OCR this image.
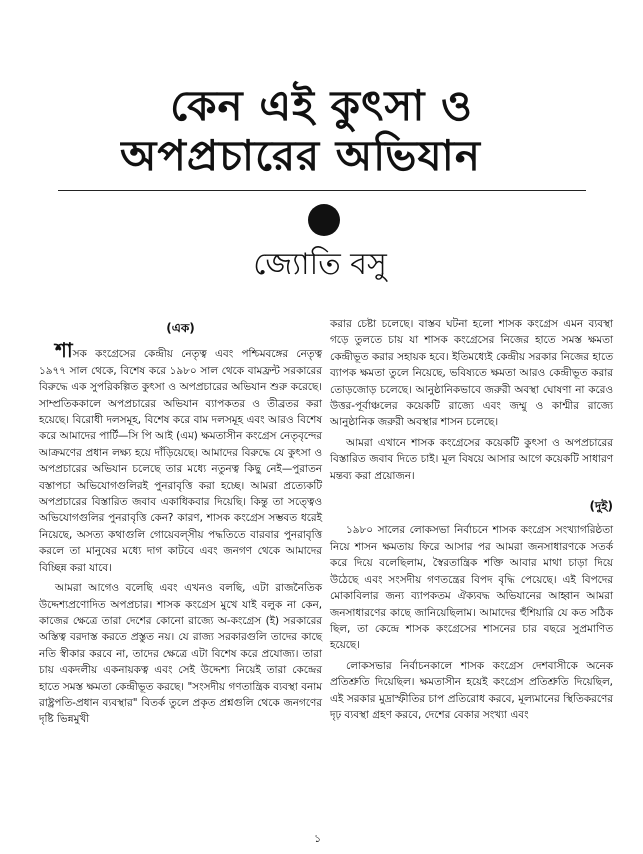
কেন এই কুৎসা ও
অপপ্রচারের অভিযান
জ্যোতি বসু
(এক)

শাসক কংগ্রেসের কেন্দ্রীয় নেতৃত্ব এবং পশ্চিমবঙ্গের নেতৃত্ব ১৯৭৭ সাল থেকে, বিশেষ করে ১৯৮০ সাল থেকে বামফ্রন্ট সরকারের বিরুদ্ধে এক সুপরিকল্পিত কুৎসা ও অপপ্রচারের অভিযান শুরু করেছে। সাম্প্রতিককালে অপপ্রচারের অভিযান ব্যাপকতর ও তীব্রতর করা হয়েছে। বিরোধী দলসমূহ, বিশেষ করে বাম দলসমূহ এবং আরও বিশেষ করে আমাদের পার্টি—সি পি আই (এম) ক্ষমতাসীন কংগ্রেস নেতৃবৃন্দের আক্রমণের প্রধান লক্ষ্য হয়ে দাঁড়িয়েছে। আমাদের বিরুদ্ধে যে কুৎসা ও অপপ্রচারের অভিযান চলেছে তার মধ্যে নতুনত্ব কিছু নেই—পুরাতন বস্তাপচা অভিযোগগুলিরই পুনরাবৃত্তি করা হচ্ছে। আমরা প্রত্যেকটি অপপ্রচারের বিস্তারিত জবাব একাধিকবার দিয়েছি। কিন্তু তা সত্ত্বেও অভিযোগগুলির পুনরাবৃত্তি কেন? কারণ, শাসক কংগ্রেস সম্ভবত ধরেই নিয়েছে, অসত্য কথাগুলি গোয়েবল্‌সীয় পদ্ধতিতে বারবার পুনরাবৃত্তি করলে তা মানুষের মধ্যে দাগ কাটবে এবং জনগণ থেকে আমাদের বিচ্ছিন্ন করা যাবে।

আমরা আগেও বলেছি এবং এখনও বলছি, এটা রাজনৈতিক উদ্দেশ্যপ্রণোদিত অপপ্রচার। শাসক কংগ্রেস মুখে যাই বলুক না কেন, কাজের ক্ষেত্রে তারা দেশের কোনো রাজ্যে অ-কংগ্রেস (ই) সরকারের অস্তিত্ব বরদাস্ত করতে প্রস্তুত নয়। যে রাজ্য সরকারগুলি তাদের কাছে নতি স্বীকার করবে না, তাদের ক্ষেত্রে এটা বিশেষ করে প্রযোজ্য। তারা চায় একদলীয় একনায়কত্ব এবং সেই উদ্দেশ্য নিয়েই তারা কেন্দ্রের হাতে সমস্ত ক্ষমতা কেন্দ্রীভূত করছে। "সংসদীয় গণতান্ত্রিক ব্যবস্থা বনাম রাষ্ট্রপতি-প্রধান ব্যবস্থার" বিতর্ক তুলে প্রকৃত প্রশ্নগুলি থেকে জনগণের দৃষ্টি ভিন্নমুখী

করার চেষ্টা চলেছে। বাস্তব ঘটনা হলো শাসক কংগ্রেস এমন ব্যবস্থা গড়ে তুলতে চায় যা শাসক কংগ্রেসের নিজের হাতে সমস্ত ক্ষমতা কেন্দ্রীভূত করার সহায়ক হবে। ইতিমধ্যেই কেন্দ্রীয় সরকার নিজের হাতে ব্যাপক ক্ষমতা তুলে নিয়েছে, ভবিষ্যতে ক্ষমতা আরও কেন্দ্রীভূত করার তোড়জোড় চলেছে। আনুষ্ঠানিকভাবে জরুরী অবস্থা ঘোষণা না করেও উত্তর-পূর্বাঞ্চলের কয়েকটি রাজ্যে এবং জম্মু ও কাশ্মীর রাজ্যে আনুষ্ঠানিক জরুরী অবস্থার শাসন চলেছে।

আমরা এখানে শাসক কংগ্রেসের কয়েকটি কুৎসা ও অপপ্রচারের বিস্তারিত জবাব দিতে চাই। মূল বিষয়ে আসার আগে কয়েকটি সাধারণ মন্তব্য করা প্রয়োজন।

(দুই)

১৯৮০ সালের লোকসভা নির্বাচনে শাসক কংগ্রেস সংখ্যাগরিষ্ঠতা নিয়ে শাসন ক্ষমতায় ফিরে আসার পর আমরা জনসাধারণকে সতর্ক করে দিয়ে বলেছিলাম, স্বৈরতান্ত্রিক শক্তি আবার মাথা চাড়া দিয়ে উঠেছে এবং সংসদীয় গণতন্ত্রের বিপদ বৃদ্ধি পেয়েছে। এই বিপদের মোকাবিলার জন্য ব্যাপকতম ঐক্যবদ্ধ অভিযানের আহ্বান আমরা জনসাধারণের কাছে জানিয়েছিলাম। আমাদের হুঁশিয়ারি যে কত সঠিক ছিল, তা কেন্দ্রে শাসক কংগ্রেসের শাসনের চার বছরে সুপ্রমাণিত হয়েছে।

লোকসভার নির্বাচনকালে শাসক কংগ্রেস দেশবাসীকে অনেক প্রতিশ্রুতি দিয়েছিল। ক্ষমতাসীন হয়েই কংগ্রেস প্রতিশ্রুতি দিয়েছিল, এই সরকার মুদ্রাস্ফীতির চাপ প্রতিরোধ করবে, মূল্যমানের স্থিতিকরণের দৃঢ় ব্যবস্থা গ্রহণ করবে, দেশের বেকার সংখ্যা এবং

১
